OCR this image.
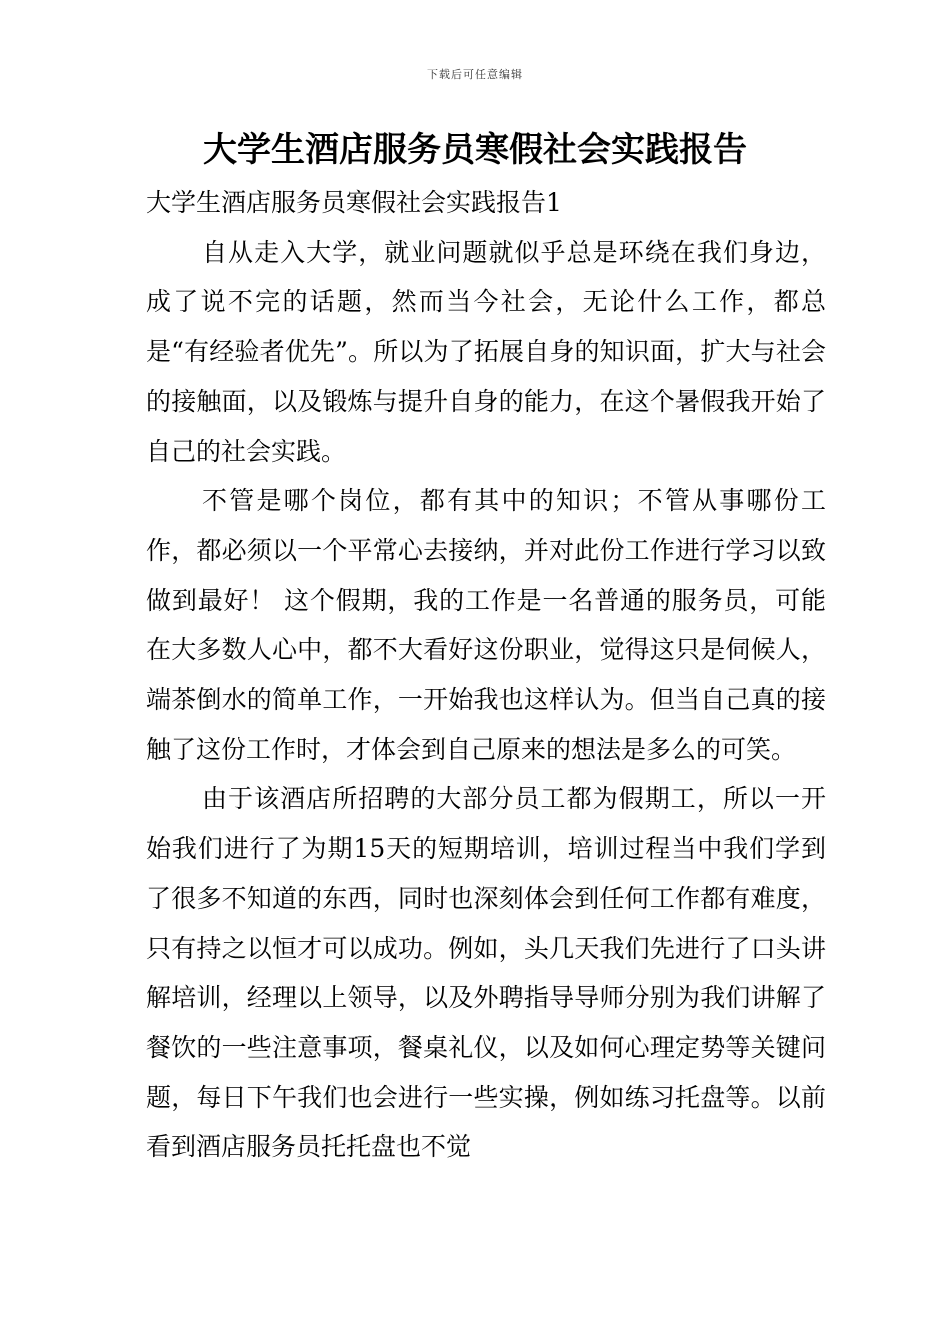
下载后可任意编辑
大学生酒店服务员寒假社会实践报告

大学生酒店服务员寒假社会实践报告1

自从走入大学，就业问题就似乎总是环绕在我们身边，成了说不完的话题，然而当今社会，无论什么工作，都总是“有经验者优先”。所以为了拓展自身的知识面，扩大与社会的接触面，以及锻炼与提升自身的能力，在这个暑假我开始了自己的社会实践。

不管是哪个岗位，都有其中的知识；不管从事哪份工作，都必须以一个平常心去接纳，并对此份工作进行学习以致做到最好！ 这个假期，我的工作是一名普通的服务员，可能在大多数人心中，都不大看好这份职业，觉得这只是伺候人，端茶倒水的简单工作，一开始我也这样认为。但当自己真的接触了这份工作时，才体会到自己原来的想法是多么的可笑。

由于该酒店所招聘的大部分员工都为假期工，所以一开始我们进行了为期15天的短期培训，培训过程当中我们学到了很多不知道的东西，同时也深刻体会到任何工作都有难度，只有持之以恒才可以成功。例如，头几天我们先进行了口头讲解培训，经理以上领导，以及外聘指导导师分别为我们讲解了餐饮的一些注意事项，餐桌礼仪，以及如何心理定势等关键问题，每日下午我们也会进行一些实操，例如练习托盘等。以前看到酒店服务员托托盘也不觉
